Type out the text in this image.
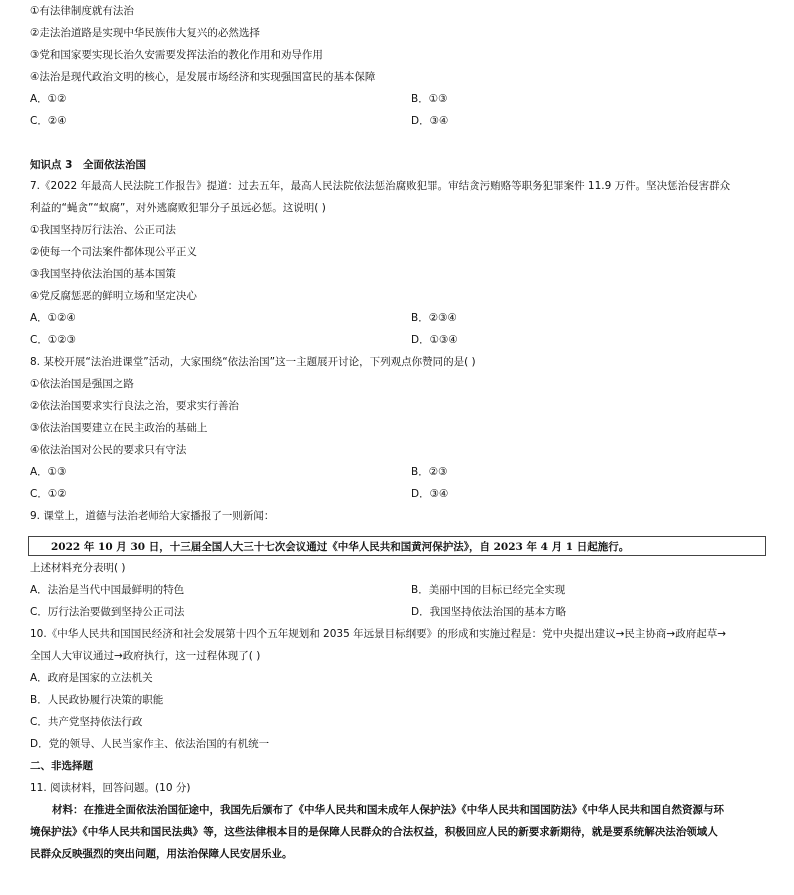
①有法律制度就有法治
②走法治道路是实现中华民族伟大复兴的必然选择
③党和国家要实现长治久安需要发挥法治的教化作用和劝导作用
④法治是现代政治文明的核心，是发展市场经济和实现强国富民的基本保障
A．①②	B．①③
C．②④	D．③④
知识点 3　全面依法治国
7.《2022 年最高人民法院工作报告》提道：过去五年，最高人民法院依法惩治腐败犯罪。审结贪污贿赂等职务犯罪案件 11.9 万件。坚决惩治侵害群众
利益的“蝇贪”“蚁腐”，对外逃腐败犯罪分子虽远必惩。这说明( )
①我国坚持厉行法治、公正司法
②使每一个司法案件都体现公平正义
③我国坚持依法治国的基本国策
④党反腐惩恶的鲜明立场和坚定决心
A．①②④	B．②③④
C．①②③	D．①③④
8. 某校开展“法治进课堂”活动，大家围绕“依法治国”这一主题展开讨论，下列观点你赞同的是( )
①依法治国是强国之路
②依法治国要求实行良法之治，要求实行善治
③依法治国要建立在民主政治的基础上
④依法治国对公民的要求只有守法
A．①③	B．②③
C．①②	D．③④
9. 课堂上，道德与法治老师给大家播报了一则新闻：
2022 年 10 月 30 日，十三届全国人大三十七次会议通过《中华人民共和国黄河保护法》，自 2023 年 4 月 1 日起施行。
上述材料充分表明( )
A．法治是当代中国最鲜明的特色	B．美丽中国的目标已经完全实现
C．厉行法治要做到坚持公正司法	D．我国坚持依法治国的基本方略
10.《中华人民共和国国民经济和社会发展第十四个五年规划和 2035 年远景目标纲要》的形成和实施过程是：党中央提出建议→民主协商→政府起草→
全国人大审议通过→政府执行，这一过程体现了( )
A．政府是国家的立法机关
B．人民政协履行决策的职能
C．共产党坚持依法行政
D．党的领导、人民当家作主、依法治国的有机统一
二、非选择题
11. 阅读材料，回答问题。(10 分)
材料：在推进全面依法治国征途中，我国先后颁布了《中华人民共和国未成年人保护法》《中华人民共和国国防法》《中华人民共和国自然资源与环
境保护法》《中华人民共和国民法典》等，这些法律根本目的是保障人民群众的合法权益，积极回应人民的新要求新期待，就是要系统解决法治领域人
民群众反映强烈的突出问题，用法治保障人民安居乐业。
